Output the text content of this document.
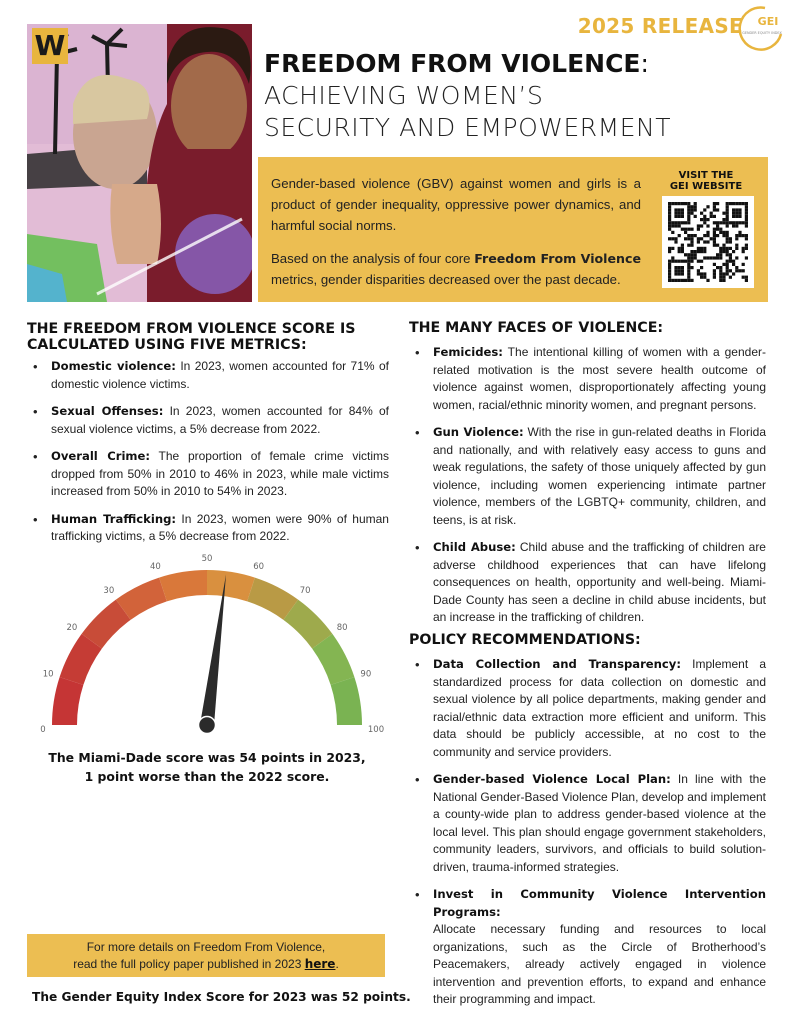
W
2025 RELEASE GEI
GENDER EQUITY INDEX
FREEDOM FROM VIOLENCE:
ACHIEVING WOMEN’S
SECURITY AND EMPOWERMENT

Gender-based violence (GBV) against women and girls is a product of gender inequality, oppressive power dynamics, and harmful social norms.

Based on the analysis of four core Freedom From Violence metrics, gender disparities decreased over the past decade.

VISIT THE
GEI WEBSITE
THE FREEDOM FROM VIOLENCE SCORE IS CALCULATED USING FIVE METRICS:
• Domestic violence: In 2023, women accounted for 71% of domestic violence victims.
• Sexual Offenses: In 2023, women accounted for 84% of sexual violence victims, a 5% decrease from 2022.
• Overall Crime: The proportion of female crime victims dropped from 50% in 2010 to 46% in 2023, while male victims increased from 50% in 2010 to 54% in 2023.
• Human Trafficking: In 2023, women were 90% of human trafficking victims, a 5% decrease from 2022.
0
10
20
30
40
50
60
70
80
90
100
The Miami-Dade score was 54 points in 2023,
1 point worse than the 2022 score.
THE MANY FACES OF VIOLENCE:
• Femicides: The intentional killing of women with a gender-related motivation is the most severe health outcome of violence against women, disproportionately affecting young women, racial/ethnic minority women, and pregnant persons.
• Gun Violence: With the rise in gun-related deaths in Florida and nationally, and with relatively easy access to guns and weak regulations, the safety of those uniquely affected by gun violence, including women experiencing intimate partner violence, members of the LGBTQ+ community, children, and teens, is at risk.
• Child Abuse: Child abuse and the trafficking of children are adverse childhood experiences that can have lifelong consequences on health, opportunity and well-being. Miami-Dade County has seen a decline in child abuse incidents, but an increase in the trafficking of children.
POLICY RECOMMENDATIONS:
• Data Collection and Transparency: Implement a standardized process for data collection on domestic and sexual violence by all police departments, making gender and racial/ethnic data extraction more efficient and uniform. This data should be publicly accessible, at no cost to the community and service providers.
• Gender-based Violence Local Plan: In line with the National Gender-Based Violence Plan, develop and implement a county-wide plan to address gender-based violence at the local level. This plan should engage government stakeholders, community leaders, survivors, and officials to build solution-driven, trauma-informed strategies.
• Invest in Community Violence Intervention Programs:
Allocate necessary funding and resources to local organizations, such as the Circle of Brotherhood’s Peacemakers, already actively engaged in violence intervention and prevention efforts, to expand and enhance their programming and impact.
For more details on Freedom From Violence,
read the full policy paper published in 2023 here.
The Gender Equity Index Score for 2023 was 52 points.
